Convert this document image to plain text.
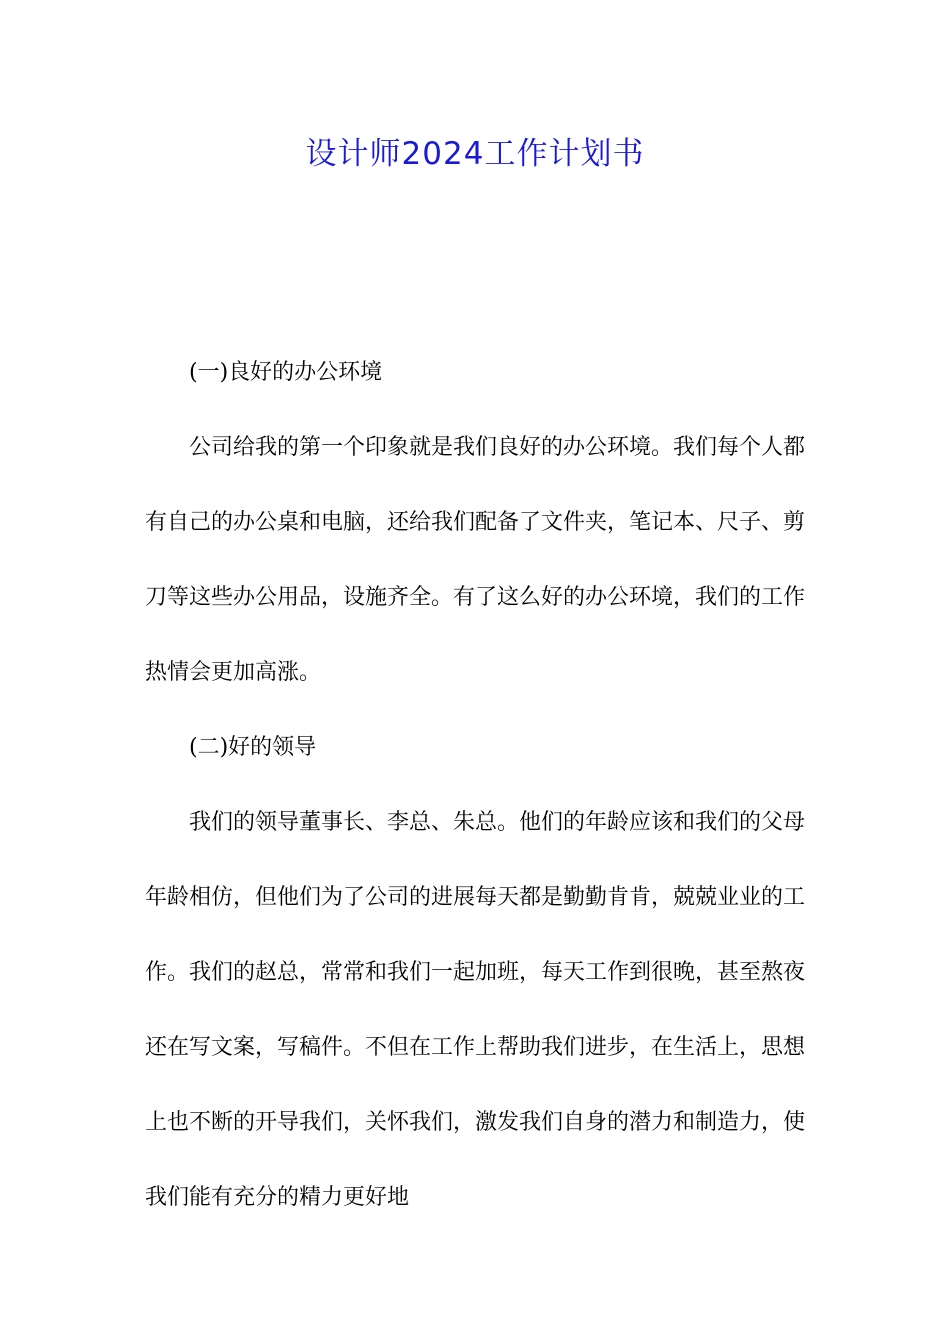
设计师2024工作计划书

(一)良好的办公环境

公司给我的第一个印象就是我们良好的办公环境。我们每个人都有自己的办公桌和电脑，还给我们配备了文件夹，笔记本、尺子、剪刀等这些办公用品，设施齐全。有了这么好的办公环境，我们的工作热情会更加高涨。

(二)好的领导

我们的领导董事长、李总、朱总。他们的年龄应该和我们的父母年龄相仿，但他们为了公司的进展每天都是勤勤肯肯，兢兢业业的工作。我们的赵总，常常和我们一起加班，每天工作到很晚，甚至熬夜还在写文案，写稿件。不但在工作上帮助我们进步，在生活上，思想上也不断的开导我们，关怀我们，激发我们自身的潜力和制造力，使我们能有充分的精力更好地
